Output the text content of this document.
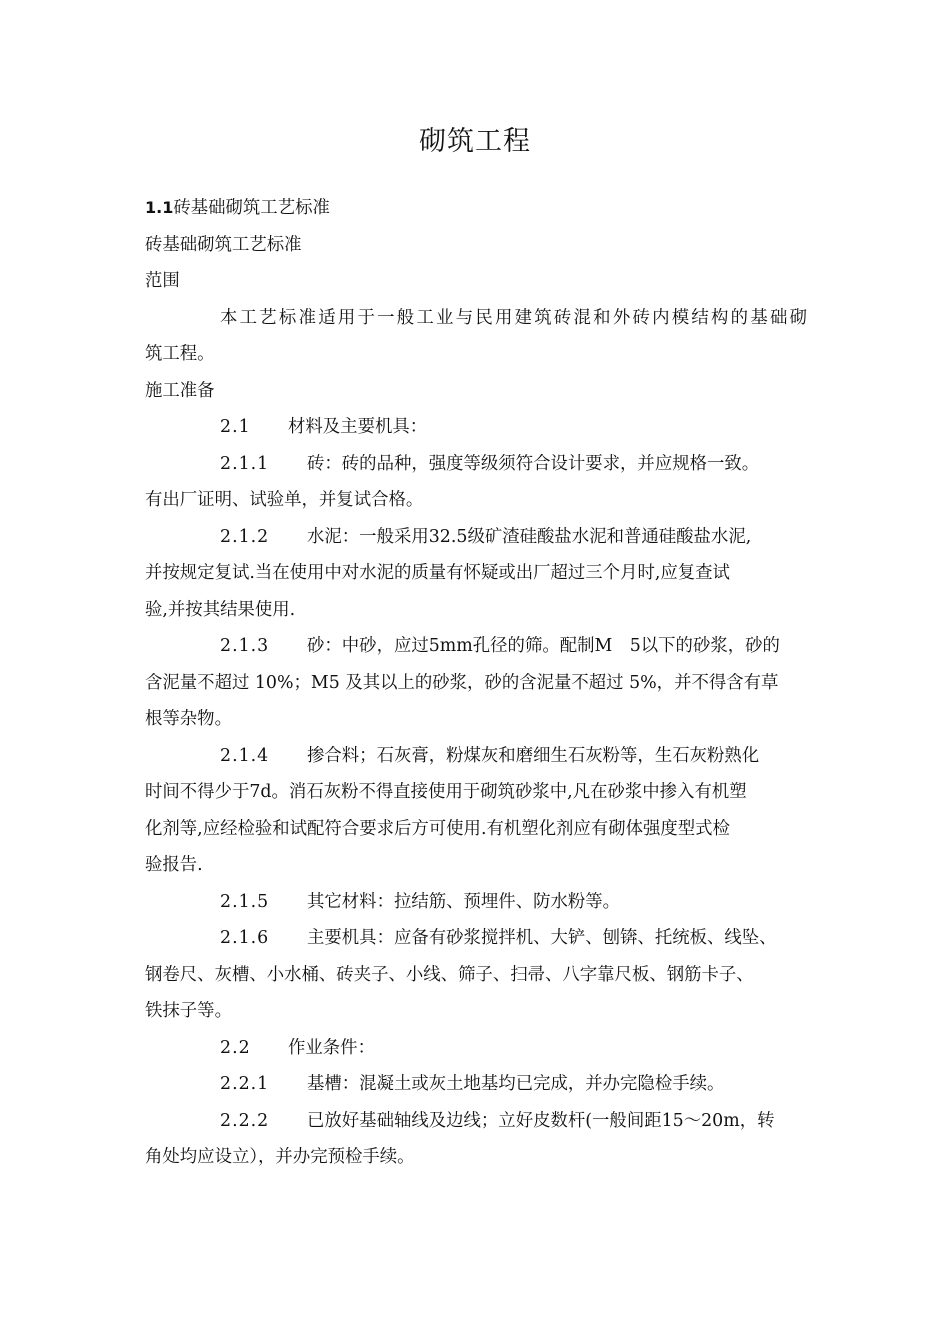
砌筑工程
1.1砖基础砌筑工艺标准
砖基础砌筑工艺标准
范围
本工艺标准适用于一般工业与民用建筑砖混和外砖内模结构的基础砌
筑工程。
施工准备
2.1 材料及主要机具：
2.1.1 砖：砖的品种，强度等级须符合设计要求，并应规格一致。
有出厂证明、试验单，并复试合格。
2.1.2 水泥：一般采用32.5级矿渣硅酸盐水泥和普通硅酸盐水泥,
并按规定复试.当在使用中对水泥的质量有怀疑或出厂超过三个月时,应复查试
验,并按其结果使用.
2.1.3 砂：中砂，应过5mm孔径的筛。配制M　5以下的砂浆，砂的
含泥量不超过 10%；M5 及其以上的砂浆，砂的含泥量不超过 5%，并不得含有草
根等杂物。
2.1.4 掺合料；石灰膏，粉煤灰和磨细生石灰粉等，生石灰粉熟化
时间不得少于7d。消石灰粉不得直接使用于砌筑砂浆中,凡在砂浆中掺入有机塑
化剂等,应经检验和试配符合要求后方可使用.有机塑化剂应有砌体强度型式检
验报告.
2.1.5 其它材料：拉结筋、预埋件、防水粉等。
2.1.6 主要机具：应备有砂浆搅拌机、大铲、刨锛、托统板、线坠、
钢卷尺、灰槽、小水桶、砖夹子、小线、筛子、扫帚、八字靠尺板、钢筋卡子、
铁抹子等。
2.2 作业条件：
2.2.1 基槽：混凝土或灰土地基均已完成，并办完隐检手续。
2.2.2 已放好基础轴线及边线；立好皮数杆(一般间距15～20m，转
角处均应设立），并办完预检手续。
